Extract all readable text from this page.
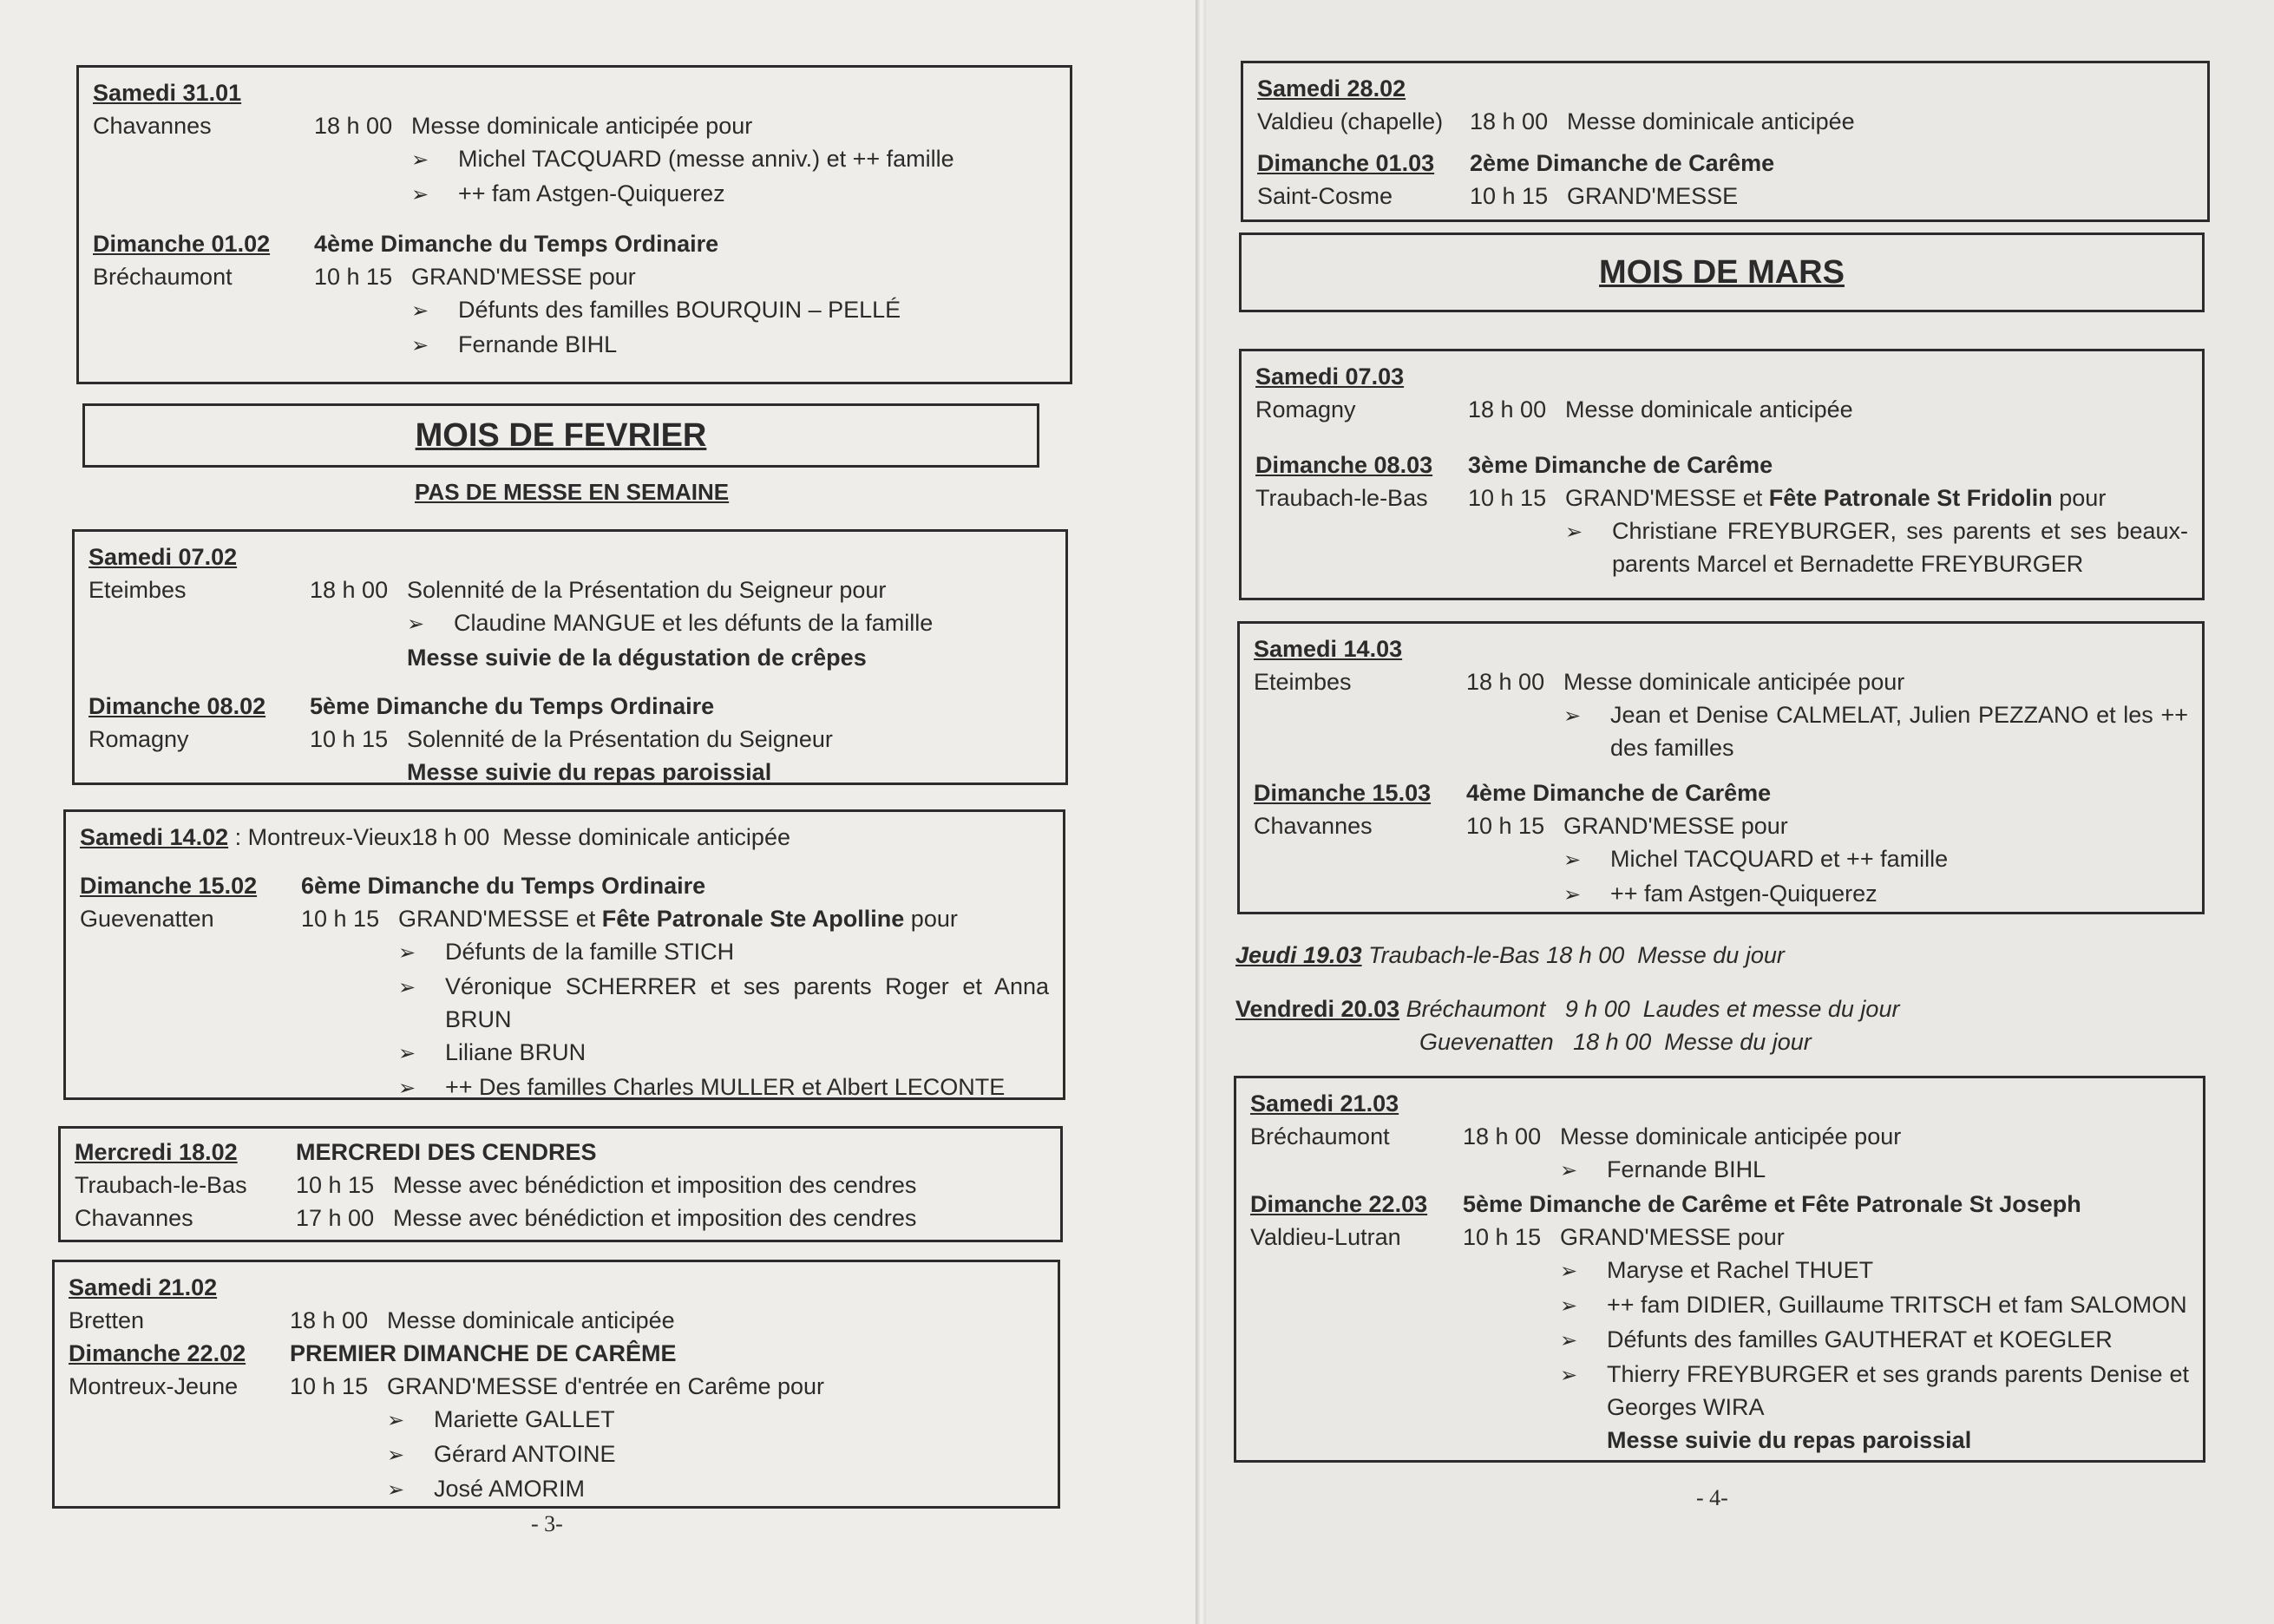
Samedi 31.01
Chavannes	18 h 00 Messe dominicale anticipée pour
➢	Michel TACQUARD (messe anniv.) et ++ famille
➢	++ fam Astgen-Quiquerez
Dimanche 01.02	4ème Dimanche du Temps Ordinaire
Bréchaumont	10 h 15 GRAND'MESSE pour
➢	Défunts des familles BOURQUIN – PELLÉ
➢	Fernande BIHL
MOIS DE FEVRIER
PAS DE MESSE EN SEMAINE
Samedi 07.02
Eteimbes	18 h 00 Solennité de la Présentation du Seigneur pour
➢	Claudine MANGUE et les défunts de la famille
Messe suivie de la dégustation de crêpes
Dimanche 08.02	5ème Dimanche du Temps Ordinaire
Romagny	10 h 15 Solennité de la Présentation du Seigneur
Messe suivie du repas paroissial
Samedi 14.02 : Montreux-Vieux18 h 00  Messe dominicale anticipée
Dimanche 15.02	6ème Dimanche du Temps Ordinaire
Guevenatten	10 h 15 GRAND'MESSE et Fête Patronale Ste Apolline pour
➢	Défunts de la famille STICH
➢	Véronique SCHERRER et ses parents Roger et Anna BRUN
➢	Liliane BRUN
➢	++ Des familles Charles MULLER et Albert LECONTE
Mercredi 18.02	MERCREDI DES CENDRES
Traubach-le-Bas	10 h 15 Messe avec bénédiction et imposition des cendres
Chavannes	17 h 00 Messe avec bénédiction et imposition des cendres
Samedi 21.02
Bretten	18 h 00 Messe dominicale anticipée
Dimanche 22.02	PREMIER DIMANCHE DE CARÊME
Montreux-Jeune	10 h 15 GRAND'MESSE d'entrée en Carême pour
➢	Mariette GALLET
➢	Gérard ANTOINE
➢	José AMORIM
- 3-
Samedi 28.02
Valdieu (chapelle)	18 h 00 Messe dominicale anticipée
Dimanche 01.03	2ème Dimanche de Carême
Saint-Cosme	10 h 15 GRAND'MESSE
MOIS DE MARS
Samedi 07.03
Romagny	18 h 00 Messe dominicale anticipée
Dimanche 08.03	3ème Dimanche de Carême
Traubach-le-Bas	10 h 15 GRAND'MESSE et Fête Patronale St Fridolin pour
➢	Christiane FREYBURGER, ses parents et ses beaux-parents Marcel et Bernadette FREYBURGER
Samedi 14.03
Eteimbes	18 h 00 Messe dominicale anticipée pour
➢	Jean et Denise CALMELAT, Julien PEZZANO et les ++ des familles
Dimanche 15.03	4ème Dimanche de Carême
Chavannes	10 h 15 GRAND'MESSE pour
➢	Michel TACQUARD et ++ famille
➢	++ fam Astgen-Quiquerez
Jeudi 19.03 Traubach-le-Bas 18 h 00  Messe du jour
Vendredi 20.03 Bréchaumont   9 h 00  Laudes et messe du jour
Guevenatten   18 h 00  Messe du jour
Samedi 21.03
Bréchaumont	18 h 00 Messe dominicale anticipée pour
➢	Fernande BIHL
Dimanche 22.03	5ème Dimanche de Carême et Fête Patronale St Joseph
Valdieu-Lutran	10 h 15 GRAND'MESSE pour
➢	Maryse et Rachel THUET
➢	++ fam DIDIER, Guillaume TRITSCH et fam SALOMON
➢	Défunts des familles GAUTHERAT et KOEGLER
➢	Thierry FREYBURGER et ses grands parents Denise et Georges WIRA
Messe suivie du repas paroissial
- 4-
